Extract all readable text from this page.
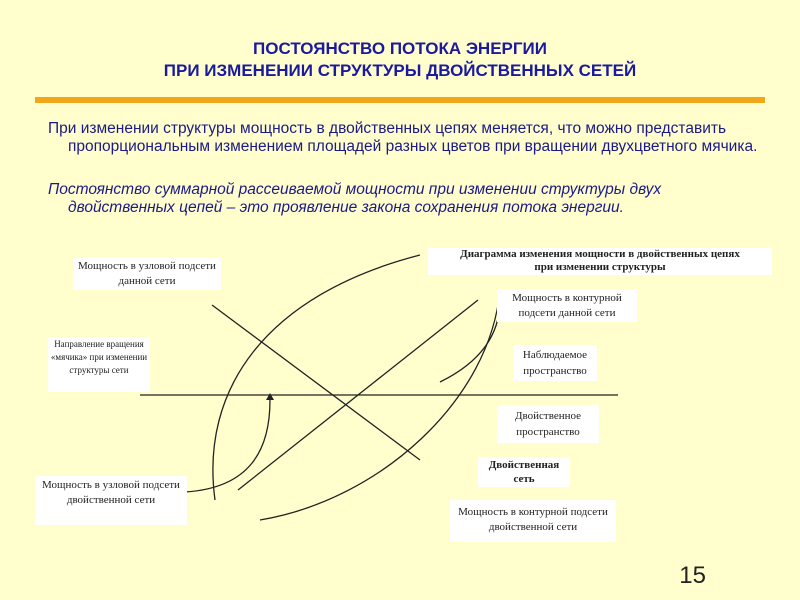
ПОСТОЯНСТВО ПОТОКА ЭНЕРГИИ
ПРИ ИЗМЕНЕНИИ СТРУКТУРЫ ДВОЙСТВЕННЫХ СЕТЕЙ
При изменении структуры мощность в двойственных цепях меняется, что можно представить пропорциональным изменением площадей разных цветов при вращении двухцветного мячика.
Постоянство суммарной рассеиваемой мощности при изменении структуры двух двойственных цепей – это проявление закона сохранения потока энергии.
Мощность в узловой подсети данной сети
Диаграмма изменения мощности в двойственных цепях
при изменении структуры
Мощность в контурной подсети данной сети
Направление вращения «мячика» при изменении структуры сети
Наблюдаемое пространство
Двойственное пространство
Двойственная сеть
Мощность в узловой подсети двойственной сети
Мощность в контурной подсети двойственной сети
15
